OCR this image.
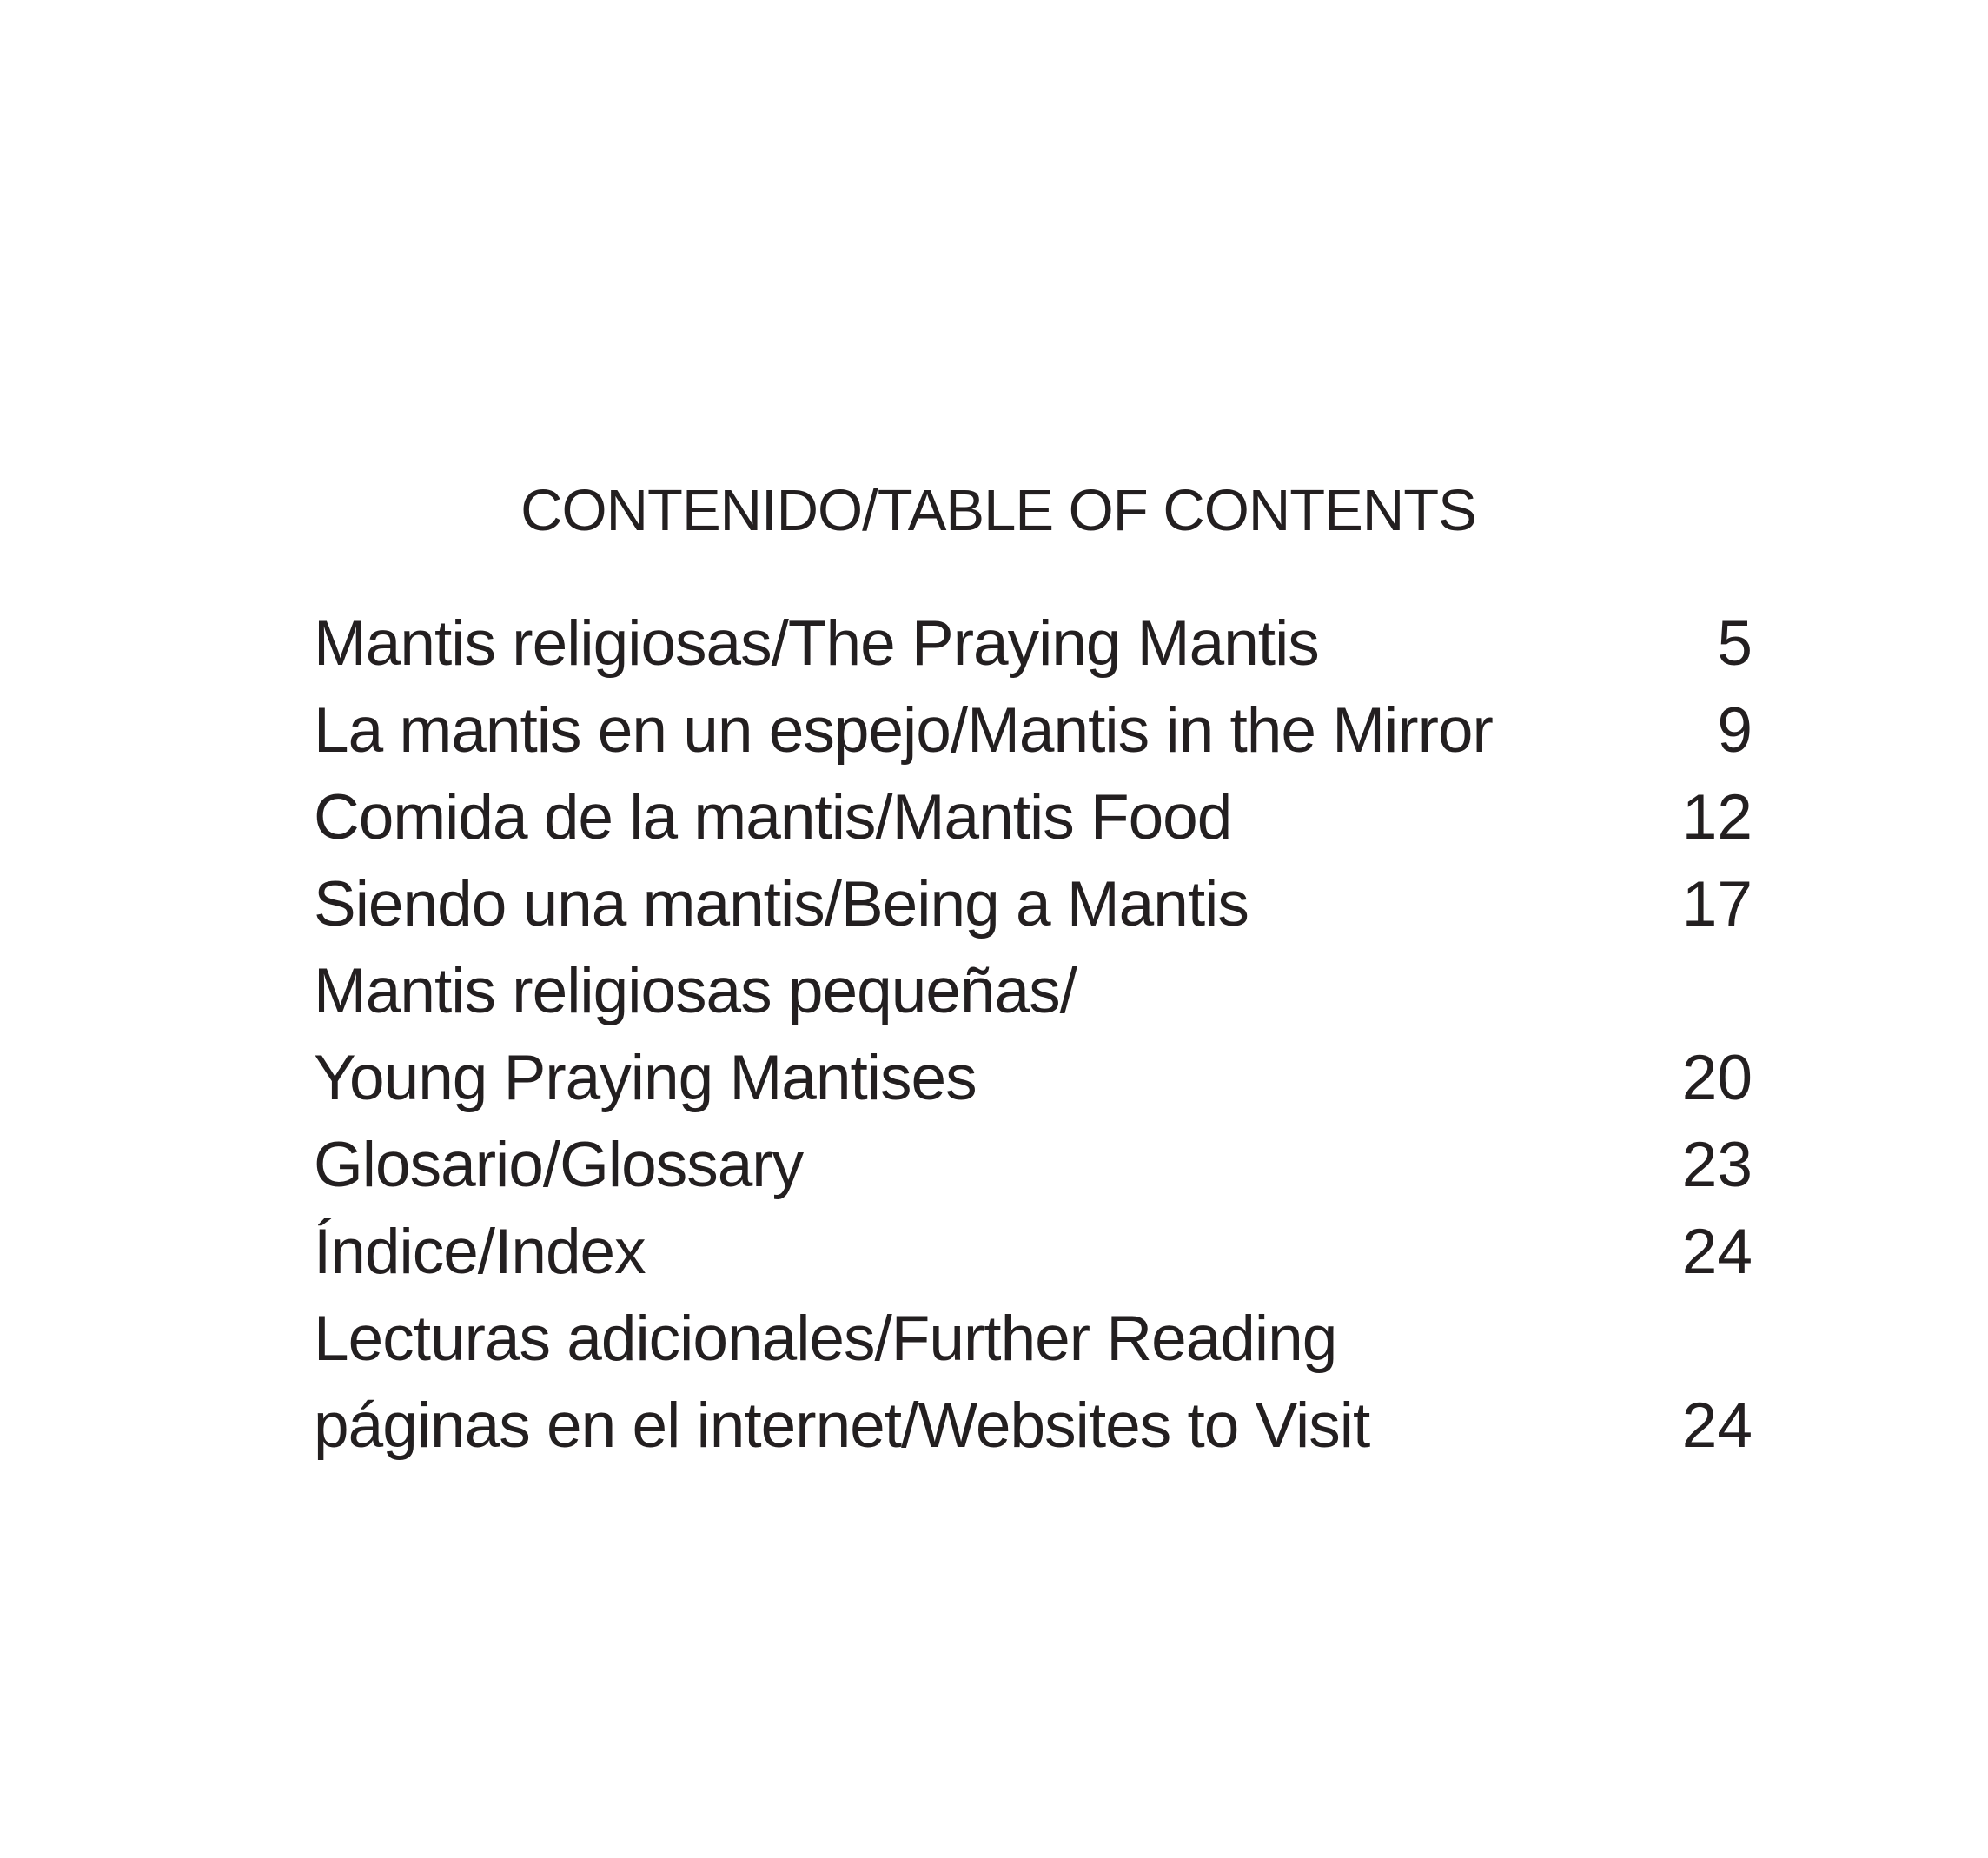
CONTENIDO/TABLE OF CONTENTS
Mantis religiosas/The Praying Mantis	5
La mantis en un espejo/Mantis in the Mirror	9
Comida de la mantis/Mantis Food	12
Siendo una mantis/Being a Mantis	17
Mantis religiosas pequeñas/
Young Praying Mantises	20
Glosario/Glossary	23
Índice/Index	24
Lecturas adicionales/Further Reading
páginas en el internet/Websites to Visit	24
